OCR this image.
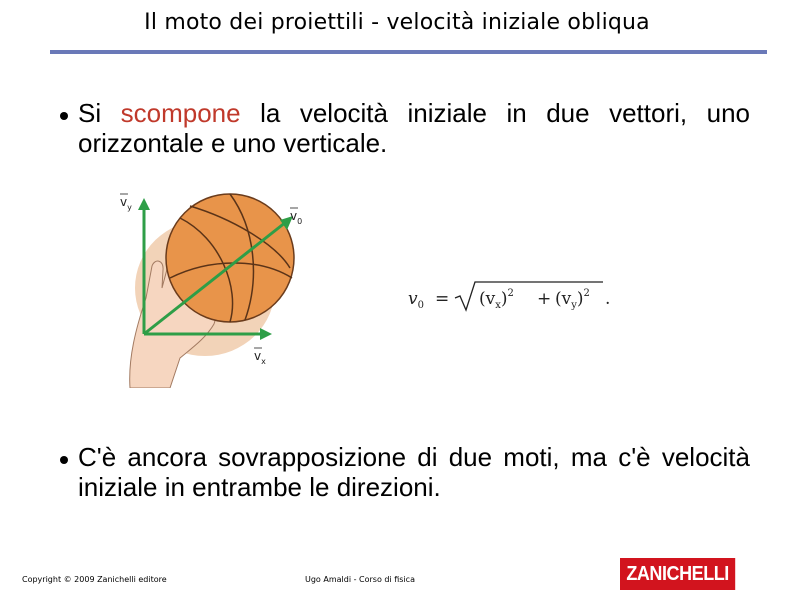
Il moto dei proiettili - velocità iniziale obliqua
Si scompone la velocità iniziale in due vettori, uno orizzontale e uno verticale.
$v_y$
$v_0$
$v_x$
$v_0 = (v_x)^2 + (v_y)^2$ .
C'è ancora sovrapposizione di due moti, ma c'è velocità iniziale in entrambe le direzioni.
Copyright © 2009 Zanichelli editore	Ugo Amaldi - Corso di fisica	ZANICHELLI
